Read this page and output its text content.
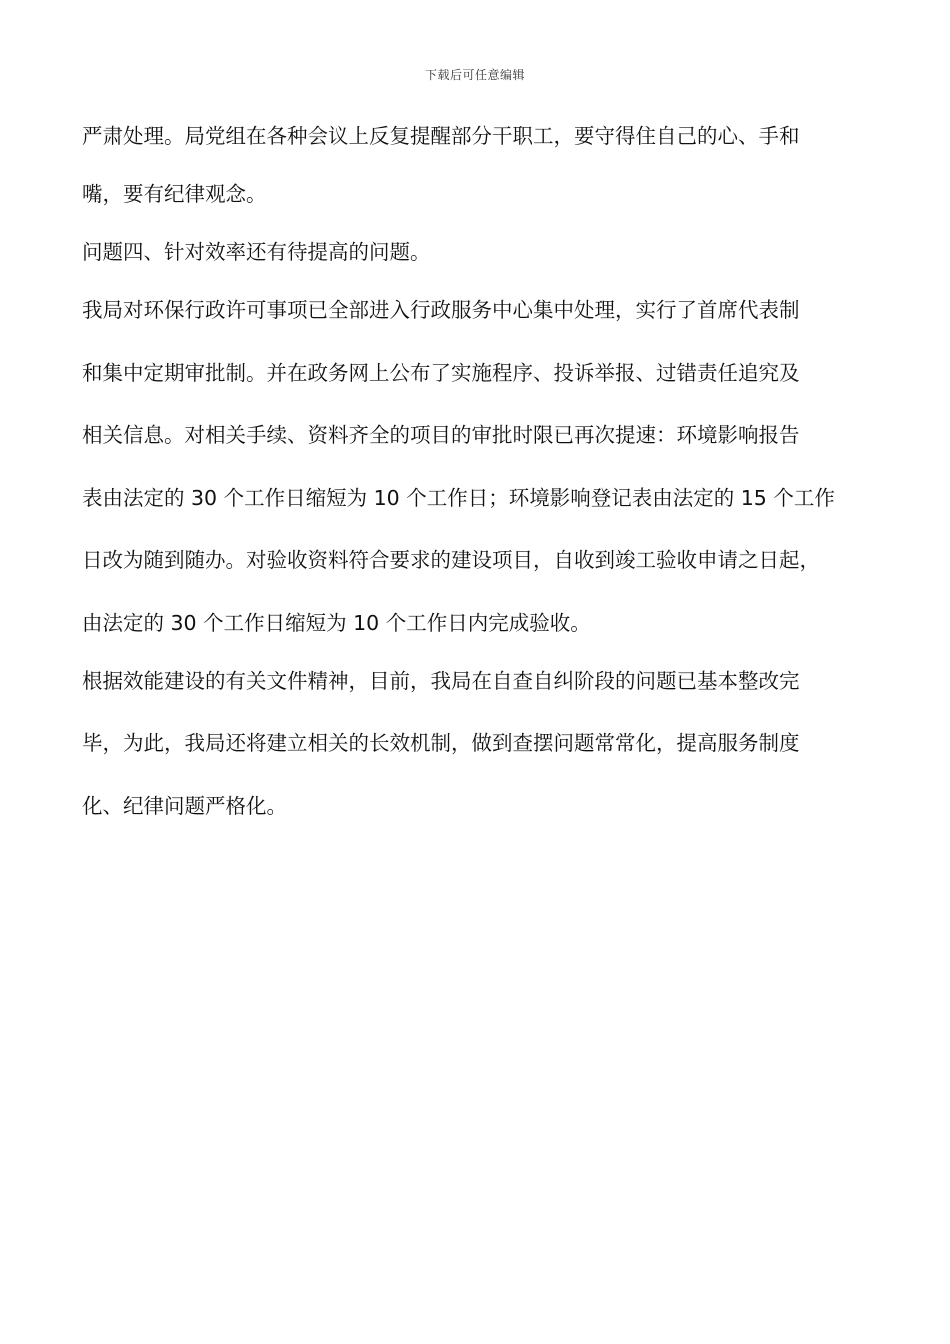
下载后可任意编辑
严肃处理。局党组在各种会议上反复提醒部分干职工，要守得住自己的心、手和
嘴，要有纪律观念。
问题四、针对效率还有待提高的问题。
我局对环保行政许可事项已全部进入行政服务中心集中处理，实行了首席代表制
和集中定期审批制。并在政务网上公布了实施程序、投诉举报、过错责任追究及
相关信息。对相关手续、资料齐全的项目的审批时限已再次提速：环境影响报告
表由法定的 30 个工作日缩短为 10 个工作日；环境影响登记表由法定的 15 个工作
日改为随到随办。对验收资料符合要求的建设项目，自收到竣工验收申请之日起，
由法定的 30 个工作日缩短为 10 个工作日内完成验收。
根据效能建设的有关文件精神，目前，我局在自查自纠阶段的问题已基本整改完
毕，为此，我局还将建立相关的长效机制，做到查摆问题常常化，提高服务制度
化、纪律问题严格化。
